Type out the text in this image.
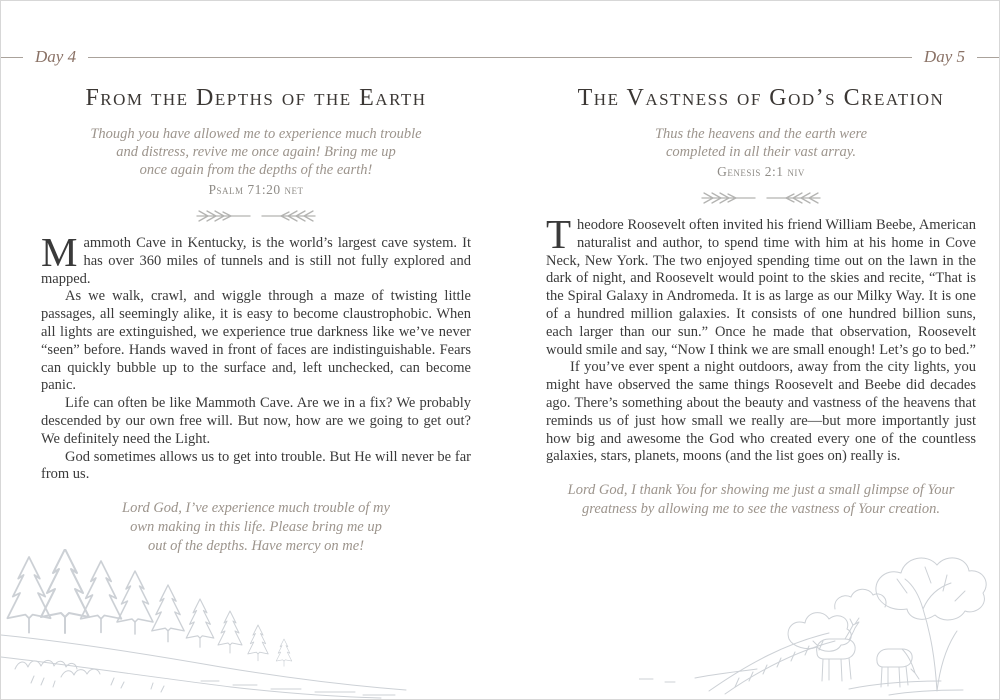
Day 4	Day 5
From the Depths of the Earth
Though you have allowed me to experience much trouble
and distress, revive me once again! Bring me up
once again from the depths of the earth!
Psalm 71:20 net

Mammoth Cave in Kentucky, is the world’s largest cave system. It has over 360 miles of tunnels and is still not fully explored and mapped.

As we walk, crawl, and wiggle through a maze of twisting little passages, all seemingly alike, it is easy to become claustrophobic. When all lights are extinguished, we experience true darkness like we’ve never “seen” before. Hands waved in front of faces are indistinguishable. Fears can quickly bubble up to the surface and, left unchecked, can become panic.

Life can often be like Mammoth Cave. Are we in a fix? We probably descended by our own free will. But now, how are we going to get out? We definitely need the Light.

God sometimes allows us to get into trouble. But He will never be far from us.

Lord God, I’ve experience much trouble of my
own making in this life. Please bring me up
out of the depths. Have mercy on me!
The Vastness of God’s Creation
Thus the heavens and the earth were
completed in all their vast array.
Genesis 2:1 niv

Theodore Roosevelt often invited his friend William Beebe, American naturalist and author, to spend time with him at his home in Cove Neck, New York. The two enjoyed spending time out on the lawn in the dark of night, and Roosevelt would point to the skies and recite, “That is the Spiral Galaxy in Andromeda. It is as large as our Milky Way. It is one of a hundred million galaxies. It consists of one hundred billion suns, each larger than our sun.” Once he made that observation, Roosevelt would smile and say, “Now I think we are small enough! Let’s go to bed.”

If you’ve ever spent a night outdoors, away from the city lights, you might have observed the same things Roosevelt and Beebe did decades ago. There’s something about the beauty and vastness of the heavens that reminds us of just how small we really are—but more importantly just how big and awesome the God who created every one of the countless galaxies, stars, planets, moons (and the list goes on) really is.

Lord God, I thank You for showing me just a small glimpse of Your
greatness by allowing me to see the vastness of Your creation.
